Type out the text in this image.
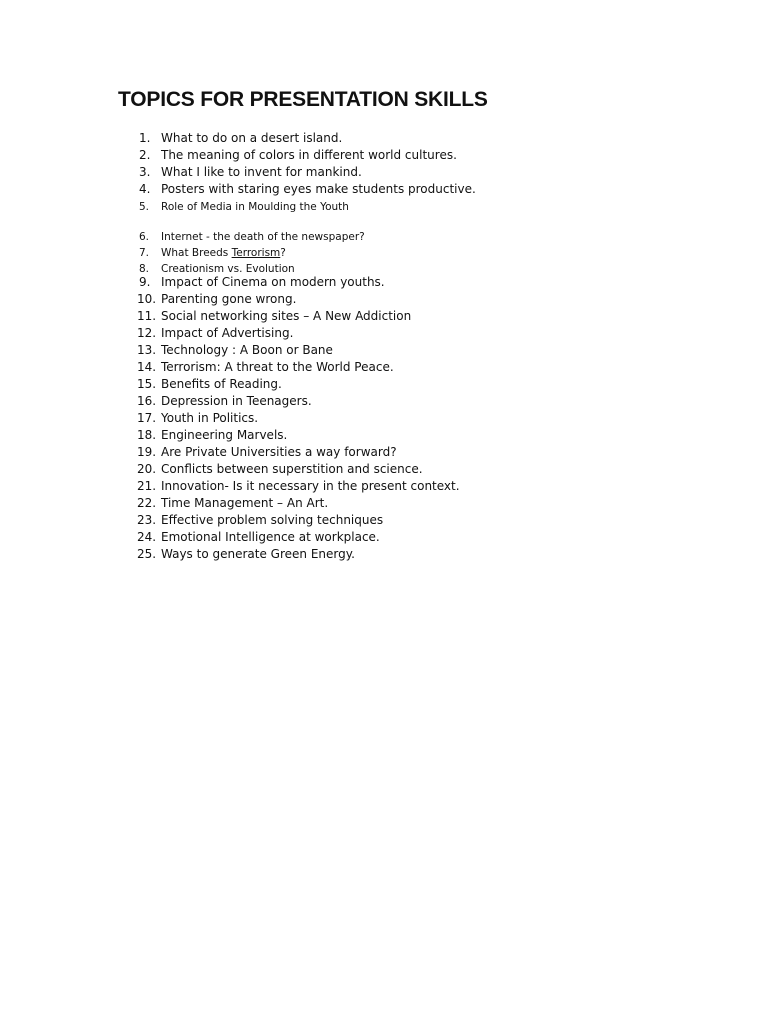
TOPICS FOR PRESENTATION SKILLS
1. What to do on a desert island.
2. The meaning of colors in different world cultures.
3. What I like to invent for mankind.
4. Posters with staring eyes make students productive.
5.	Role of Media in Moulding the Youth
6.	Internet - the death of the newspaper?
7.	What Breeds Terrorism?
8.	Creationism vs. Evolution
9. Impact of Cinema on modern youths.
10. Parenting gone wrong.
11. Social networking sites – A New Addiction
12. Impact of Advertising.
13. Technology : A Boon or Bane
14. Terrorism: A threat to the World Peace.
15. Benefits of Reading.
16. Depression in Teenagers.
17. Youth in Politics.
18. Engineering Marvels.
19. Are Private Universities a way forward?
20. Conflicts between superstition and science.
21. Innovation- Is it necessary in the present context.
22. Time Management – An Art.
23. Effective problem solving techniques
24. Emotional Intelligence at workplace.
25. Ways to generate Green Energy.
